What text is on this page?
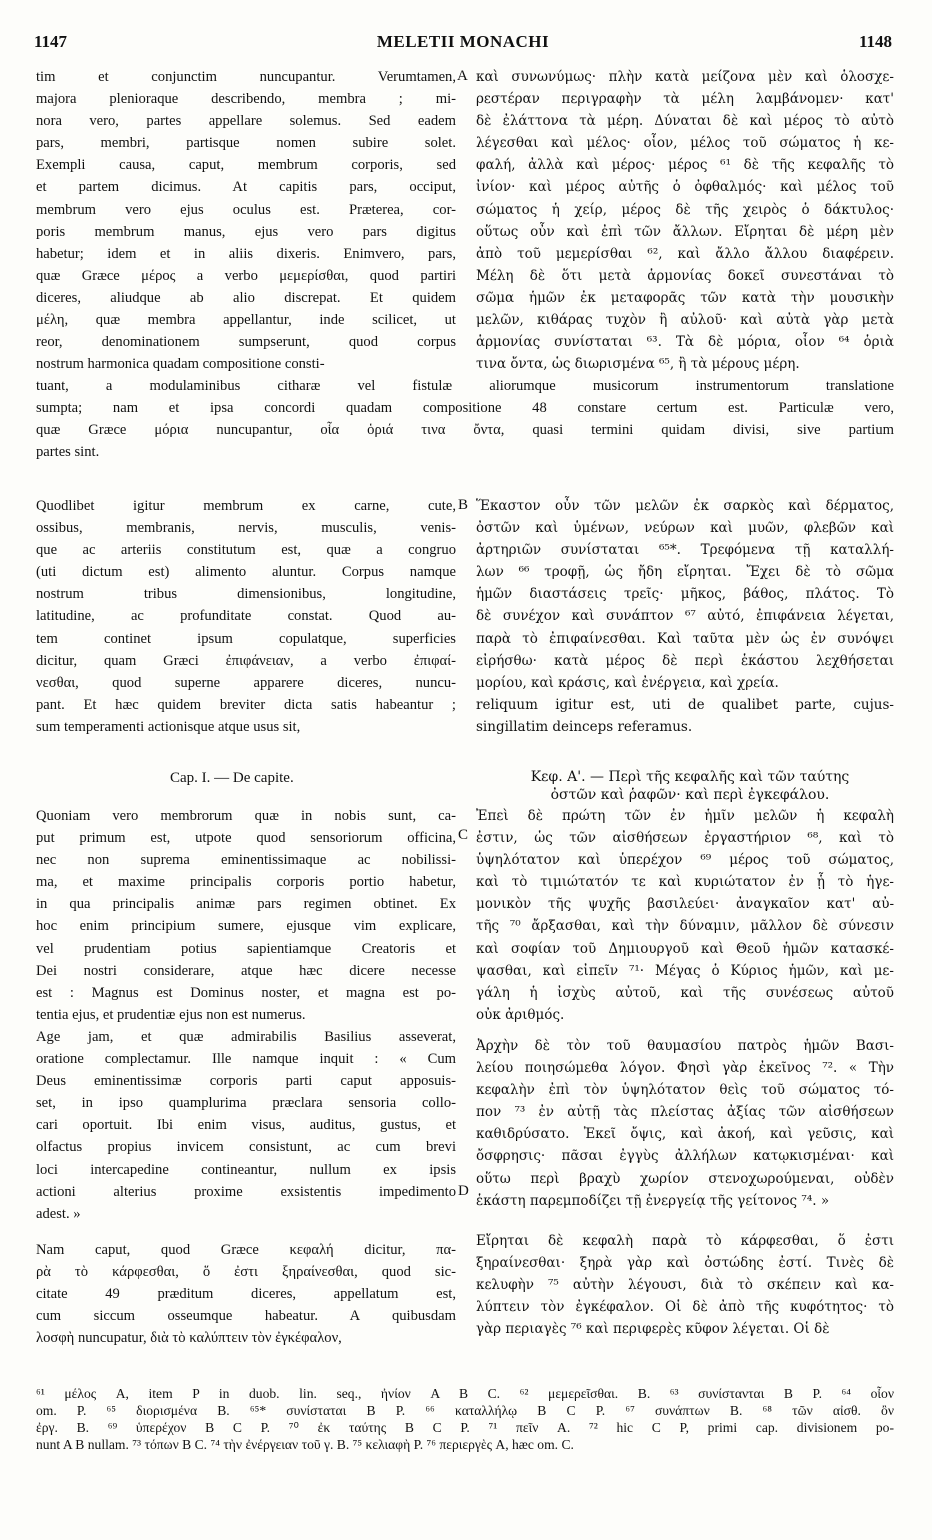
1147	MELETII MONACHI	1148
tim et conjunctim nuncupantur. Verumtamen,
majora plenioraque describendo, membra ; mi-
nora vero, partes appellare solemus. Sed eadem
pars, membri, partisque nomen subire solet.
Exempli causa, caput, membrum corporis, sed
et partem dicimus. At capitis pars, occiput,
membrum vero ejus oculus est. Præterea, cor-
poris membrum manus, ejus vero pars digitus
habetur; idem et in aliis dixeris. Enimvero, pars,
quæ Græce μέρος a verbo μεμερίσθαι, quod partiri
diceres, aliudque ab alio discrepat. Et quidem
μέλη, quæ membra appellantur, inde scilicet, ut
reor, denominationem sumpserunt, quod corpus
nostrum harmonica quadam compositione consti-
A καὶ συνωνύμως· πλὴν κατὰ μείζονα μὲν καὶ ὁλοσχε-
ρεστέραν περιγραφὴν τὰ μέλη λαμβάνομεν· κατ'
δὲ ἐλάττονα τὰ μέρη. Δύναται δὲ καὶ μέρος τὸ αὐτὸ
λέγεσθαι καὶ μέλος· οἷον, μέλος τοῦ σώματος ἡ κε-
φαλή, ἀλλὰ καὶ μέρος· μέρος ⁶¹ δὲ τῆς κεφαλῆς τὸ
ἰνίον· καὶ μέρος αὐτῆς ὁ ὀφθαλμός· καὶ μέλος τοῦ
σώματος ἡ χείρ, μέρος δὲ τῆς χειρὸς ὁ δάκτυλος·
οὕτως οὖν καὶ ἐπὶ τῶν ἄλλων. Εἴρηται δὲ μέρη μὲν
ἀπὸ τοῦ μεμερίσθαι ⁶², καὶ ἄλλο ἄλλου διαφέρειν.
Μέλη δὲ ὅτι μετὰ ἁρμονίας δοκεῖ συνεστάναι τὸ
σῶμα ἡμῶν ἐκ μεταφορᾶς τῶν κατὰ τὴν μουσικὴν
μελῶν, κιθάρας τυχὸν ἢ αὐλοῦ· καὶ αὐτὰ γὰρ μετὰ
ἁρμονίας συνίσταται ⁶³. Τὰ δὲ μόρια, οἷον ⁶⁴ ὁριὰ
τινα ὄντα, ὡς διωρισμένα ⁶⁵, ἢ τὰ μέρους μέρη.
tuant, a modulaminibus citharæ vel fistulæ aliorumque musicorum instrumentorum translatione
sumpta; nam et ipsa concordi quadam compositione 48 constare certum est. Particulæ vero,
quæ Græce μόρια nuncupantur, οἷα ὁριά τινα ὄντα, quasi termini quidam divisi, sive partium
partes sint.
Quodlibet igitur membrum ex carne, cute,
ossibus, membranis, nervis, musculis, venis-
que ac arteriis constitutum est, quæ a congruo
(uti dictum est) alimento aluntur. Corpus namque
nostrum tribus dimensionibus, longitudine,
latitudine, ac profunditate constat. Quod au-
tem continet ipsum copulatque, superficies
dicitur, quam Græci ἐπιφάνειαν, a verbo ἐπιφαί-
νεσθαι, quod superne apparere diceres, nuncu-
pant. Et hæc quidem breviter dicta satis habeantur ;
sum temperamenti actionisque atque usus sit,
B Ἕκαστον οὖν τῶν μελῶν ἐκ σαρκὸς καὶ δέρματος,
ὀστῶν καὶ ὑμένων, νεύρων καὶ μυῶν, φλεβῶν καὶ
ἀρτηριῶν συνίσταται ⁶⁵*. Τρεφόμενα τῇ καταλλή-
λων ⁶⁶ τροφῇ, ὡς ἤδη εἴρηται. Ἔχει δὲ τὸ σῶμα
ἡμῶν διαστάσεις τρεῖς· μῆκος, βάθος, πλάτος. Τὸ
δὲ συνέχον καὶ συνάπτον ⁶⁷ αὐτό, ἐπιφάνεια λέγεται,
παρὰ τὸ ἐπιφαίνεσθαι. Καὶ ταῦτα μὲν ὡς ἐν συνόψει
εἰρήσθω· κατὰ μέρος δὲ περὶ ἑκάστου λεχθήσεται
μορίου, καὶ κράσις, καὶ ἐνέργεια, καὶ χρεία.
reliquum igitur est, uti de qualibet parte, cujus-
singillatim deinceps referamus.
Cap. I. — De capite.	Κεφ. Α'. — Περὶ τῆς κεφαλῆς καὶ τῶν ταύτης
ὀστῶν καὶ ῥαφῶν· καὶ περὶ ἐγκεφάλου.
Quoniam vero membrorum quæ in nobis sunt, ca-
put primum est, utpote quod sensoriorum officina,
nec non suprema eminentissimaque ac nobilissi-
ma, et maxime principalis corporis portio habetur,
in qua principalis animæ pars regimen obtinet. Ex
hoc enim principium sumere, ejusque vim explicare,
vel prudentiam potius sapientiamque Creatoris et
Dei nostri considerare, atque hæc dicere necesse
est : Magnus est Dominus noster, et magna est po-
tentia ejus, et prudentiæ ejus non est numerus.
Age jam, et quæ admirabilis Basilius asseverat,
oratione complectamur. Ille namque inquit : « Cum
Deus eminentissimæ corporis parti caput apposuis-
set, in ipso quamplurima præclara sensoria collo-
cari oportuit. Ibi enim visus, auditus, gustus, et
olfactus propius invicem consistunt, ac cum brevi
loci intercapedine contineantur, nullum ex ipsis
actioni alterius proxime exsistentis impedimento
adest. »
Nam caput, quod Græce κεφαλή dicitur, πα-
ρὰ τὸ κάρφεσθαι, ὅ ἐστι ξηραίνεσθαι, quod sic-
citate 49 præditum diceres, appellatum est,
cum siccum osseumque habeatur. A quibusdam
λοσφὴ nuncupatur, διὰ τὸ καλύπτειν τὸν ἐγκέφαλον,
C
D
Ἐπεὶ δὲ πρώτη τῶν ἐν ἡμῖν μελῶν ἡ κεφαλὴ
ἐστιν, ὡς τῶν αἰσθήσεων ἐργαστήριον ⁶⁸, καὶ τὸ
ὑψηλότατον καὶ ὑπερέχον ⁶⁹ μέρος τοῦ σώματος,
καὶ τὸ τιμιώτατόν τε καὶ κυριώτατον ἐν ᾗ τὸ ἡγε-
μονικὸν τῆς ψυχῆς βασιλεύει· ἀναγκαῖον κατ' αὐ-
τῆς ⁷⁰ ἄρξασθαι, καὶ τὴν δύναμιν, μᾶλλον δὲ σύνεσιν
καὶ σοφίαν τοῦ Δημιουργοῦ καὶ Θεοῦ ἡμῶν κατασκέ-
ψασθαι, καὶ εἰπεῖν ⁷¹· Μέγας ὁ Κύριος ἡμῶν, καὶ με-
γάλη ἡ ἰσχὺς αὐτοῦ, καὶ τῆς συνέσεως αὐτοῦ
οὐκ ἀριθμός.
Ἀρχὴν δὲ τὸν τοῦ θαυμασίου πατρὸς ἡμῶν Βασι-
λείου ποιησώμεθα λόγον. Φησὶ γὰρ ἐκεῖνος ⁷². « Τὴν
κεφαλὴν ἐπὶ τὸν ὑψηλότατον θεὶς τοῦ σώματος τό-
πον ⁷³ ἐν αὐτῇ τὰς πλείστας ἀξίας τῶν αἰσθήσεων
καθιδρύσατο. Ἐκεῖ ὄψις, καὶ ἀκοή, καὶ γεῦσις, καὶ
ὄσφρησις· πᾶσαι ἐγγὺς ἀλλήλων κατῳκισμέναι· καὶ
οὕτω περὶ βραχὺ χωρίον στενοχωρούμεναι, οὐδὲν
ἑκάστη παρεμποδίζει τῇ ἐνεργείᾳ τῆς γείτονος ⁷⁴. »
Εἴρηται δὲ κεφαλὴ παρὰ τὸ κάρφεσθαι, ὅ ἐστι
ξηραίνεσθαι· ξηρὰ γὰρ καὶ ὀστώδης ἐστί. Τινὲς δὲ
κελυφὴν ⁷⁵ αὐτὴν λέγουσι, διὰ τὸ σκέπειν καὶ κα-
λύπτειν τὸν ἐγκέφαλον. Οἱ δὲ ἀπὸ τῆς κυφότητος· τὸ
γὰρ περιαγὲς ⁷⁶ καὶ περιφερὲς κῦφον λέγεται. Οἱ δὲ
⁶¹ μέλος A, item P in duob. lin. seq., ἠνίον A B C. ⁶² μεμερεῖσθαι. B. ⁶³ συνίστανται B P. ⁶⁴ οἷον
om. P. ⁶⁵ διορισμένα B. ⁶⁵* συνίσταται B P. ⁶⁶ καταλλήλῳ B C P. ⁶⁷ συνάπτων B. ⁶⁸ τῶν αἰσθ. ὂν
ἐργ. B. ⁶⁹ ὑπερέχον B C P. ⁷⁰ ἐκ ταύτης B C P. ⁷¹ πεῖν A. ⁷² hic C P, primi cap. divisionem po-
nunt A B nullam. ⁷³ τόπων B C. ⁷⁴ τὴν ἐνέργειαν τοῦ γ. B. ⁷⁵ κελιαφὴ P. ⁷⁶ περιεργὲς A, hæc om. C.
